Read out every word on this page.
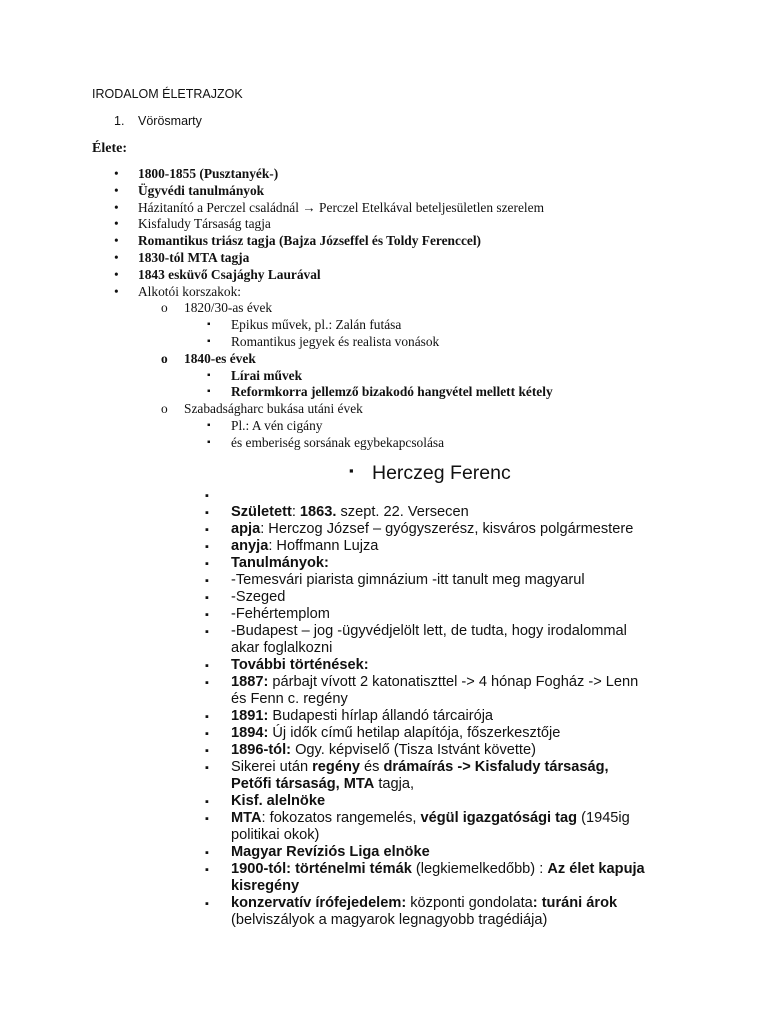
IRODALOM ÉLETRAJZOK
1. Vörösmarty
Élete:
• 1800-1855 (Pusztanyék-)
• Ügyvédi tanulmányok
• Házitanító a Perczel családnál → Perczel Etelkával beteljesületlen szerelem
• Kisfaludy Társaság tagja
• Romantikus triász tagja (Bajza Józseffel és Toldy Ferenccel)
• 1830-tól MTA tagja
• 1843 esküvő Csajághy Laurával
• Alkotói korszakok:
o 1820/30-as évek
▪ Epikus művek, pl.: Zalán futása
▪ Romantikus jegyek és realista vonások
o 1840-es évek
▪ Lírai művek
▪ Reformkorra jellemző bizakodó hangvétel mellett kétely
o Szabadságharc bukása utáni évek
▪ Pl.: A vén cigány
▪ és emberiség sorsának egybekapcsolása
▪ Herczeg Ferenc
▪
▪ Született: 1863. szept. 22. Versecen
▪ apja: Herczog József – gyógyszerész, kisváros polgármestere
▪ anyja: Hoffmann Lujza
▪ Tanulmányok:
▪ -Temesvári piarista gimnázium -itt tanult meg magyarul
▪ -Szeged
▪ -Fehértemplom
▪ -Budapest – jog -ügyvédjelölt lett, de tudta, hogy irodalommal
akar foglalkozni
▪ További történések:
▪ 1887: párbajt vívott 2 katonatiszttel -> 4 hónap Fogház -> Lenn
és Fenn c. regény
▪ 1891: Budapesti hírlap állandó tárcairója
▪ 1894: Új idők című hetilap alapítója, főszerkesztője
▪ 1896-tól: Ogy. képviselő (Tisza Istvánt követte)
▪ Sikerei után regény és drámaírás -> Kisfaludy társaság,
Petőfi társaság, MTA tagja,
▪ Kisf. alelnöke
▪ MTA: fokozatos rangemelés, végül igazgatósági tag (1945ig
politikai okok)
▪ Magyar Revíziós Liga elnöke
▪ 1900-tól: történelmi témák (legkiemelkedőbb) : Az élet kapuja
kisregény
▪ konzervatív írófejedelem: központi gondolata: turáni árok
(belviszályok a magyarok legnagyobb tragédiája)
